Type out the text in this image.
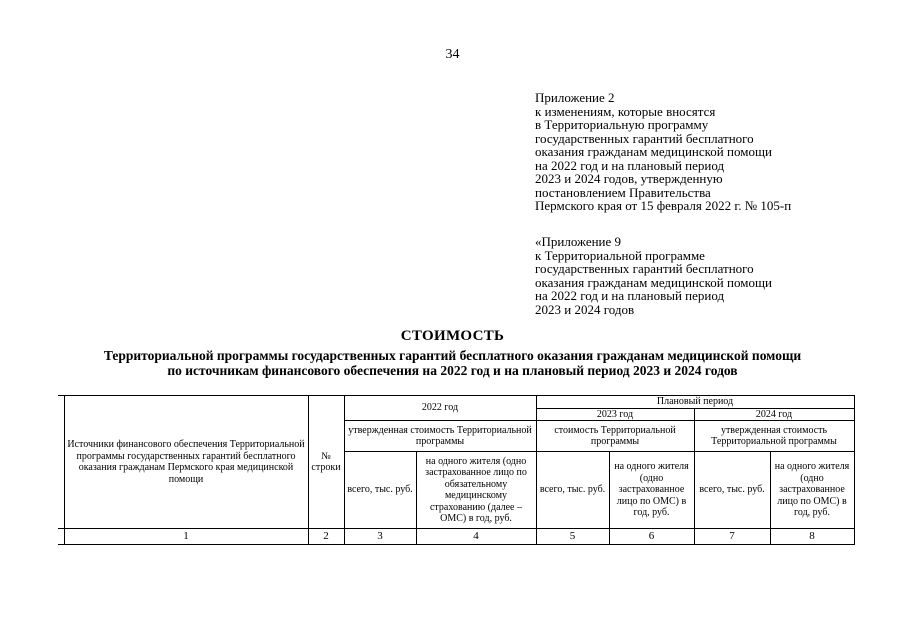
34
Приложение 2
к изменениям, которые вносятся
в Территориальную программу
государственных гарантий бесплатного
оказания гражданам медицинской помощи
на 2022 год и на плановый период
2023 и 2024 годов, утвержденную
постановлением Правительства
Пермского края от 15 февраля 2022 г. № 105-п
«Приложение 9
к Территориальной программе
государственных гарантий бесплатного
оказания гражданам медицинской помощи
на 2022 год и на плановый период
2023 и 2024 годов
СТОИМОСТЬ
Территориальной программы государственных гарантий бесплатного оказания гражданам медицинской помощи
по источникам финансового обеспечения на 2022 год и на плановый период 2023 и 2024 годов
	Источники финансового обеспечения Территориальной программы государственных гарантий бесплатного оказания гражданам Пермского края медицинской помощи	№ строки	2022 год		Плановый период			
					2023 год		2024 год	
			утвержденная стоимость Территориальной программы		стоимость Территориальной программы		утвержденная стоимость Территориальной программы	
			всего, тыс. руб.	на одного жителя (одно застрахованное лицо по обязательному медицинскому страхованию (далее – ОМС) в год, руб.	всего, тыс. руб.	на одного жителя (одно застрахованное лицо по ОМС) в год, руб.	всего, тыс. руб.	на одного жителя (одно застрахованное лицо по ОМС) в год, руб.
	1	2	3	4	5	6	7	8
